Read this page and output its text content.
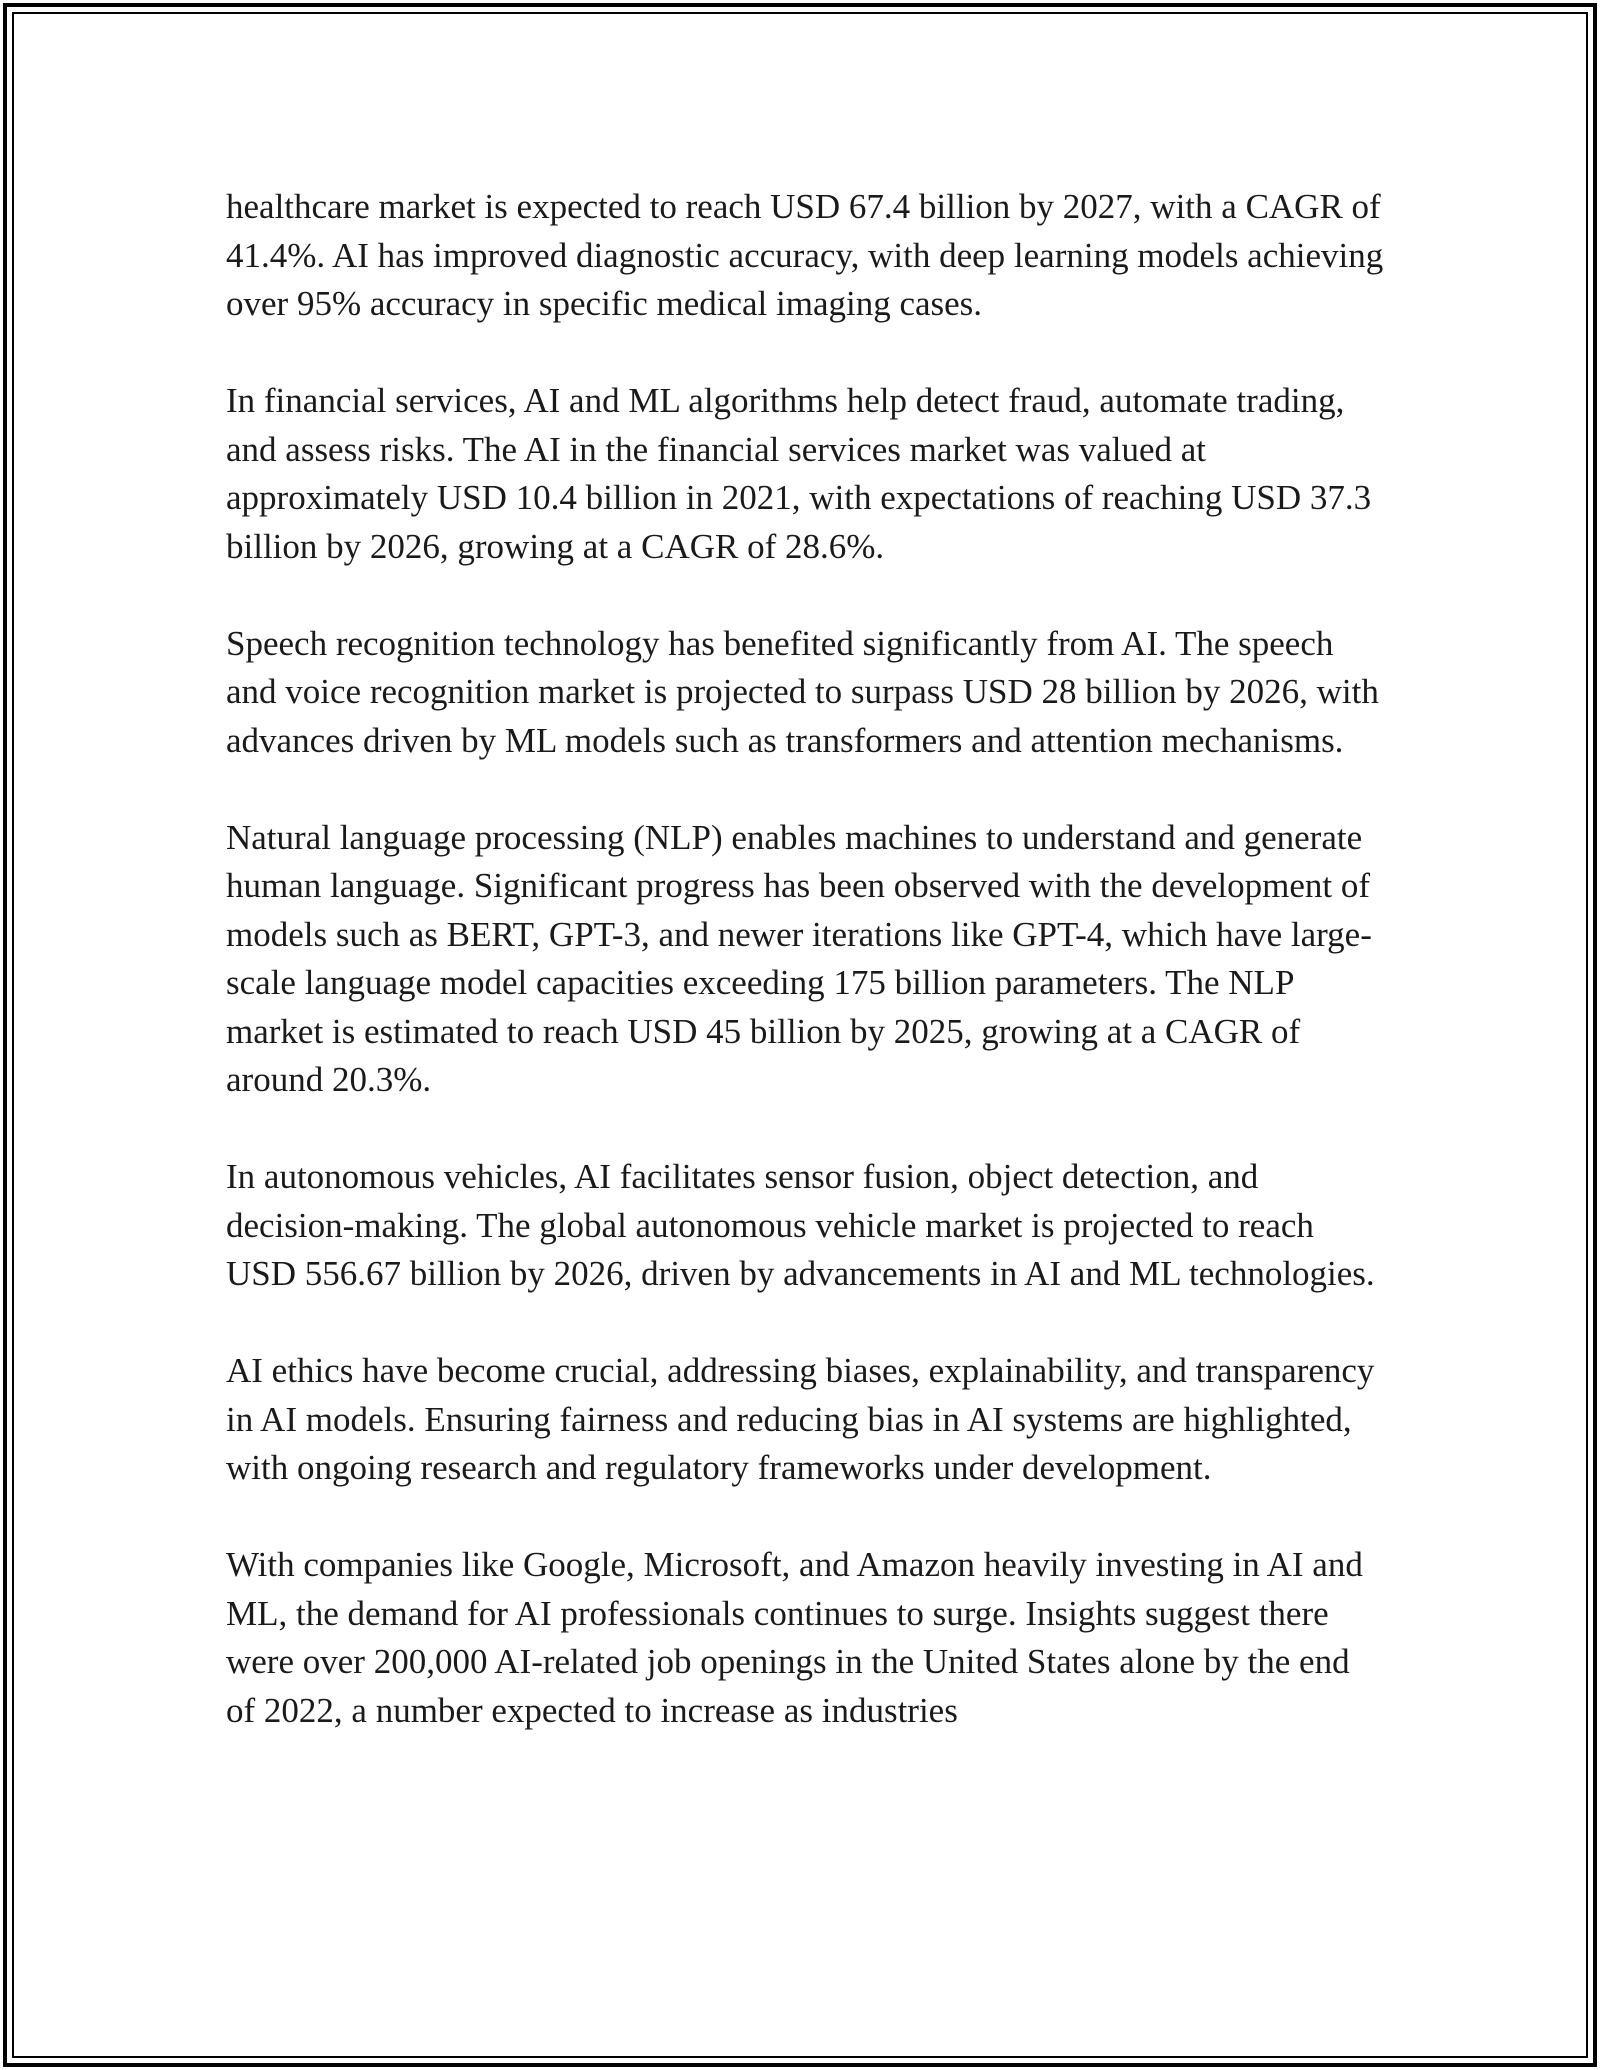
healthcare market is expected to reach USD 67.4 billion by 2027, with a CAGR of 41.4%. AI has improved diagnostic accuracy, with deep learning models achieving over 95% accuracy in specific medical imaging cases.

In financial services, AI and ML algorithms help detect fraud, automate trading, and assess risks. The AI in the financial services market was valued at approximately USD 10.4 billion in 2021, with expectations of reaching USD 37.3 billion by 2026, growing at a CAGR of 28.6%.

Speech recognition technology has benefited significantly from AI. The speech and voice recognition market is projected to surpass USD 28 billion by 2026, with advances driven by ML models such as transformers and attention mechanisms.

Natural language processing (NLP) enables machines to understand and generate human language. Significant progress has been observed with the development of models such as BERT, GPT-3, and newer iterations like GPT-4, which have large-scale language model capacities exceeding 175 billion parameters. The NLP market is estimated to reach USD 45 billion by 2025, growing at a CAGR of around 20.3%.

In autonomous vehicles, AI facilitates sensor fusion, object detection, and decision-making. The global autonomous vehicle market is projected to reach USD 556.67 billion by 2026, driven by advancements in AI and ML technologies.

AI ethics have become crucial, addressing biases, explainability, and transparency in AI models. Ensuring fairness and reducing bias in AI systems are highlighted, with ongoing research and regulatory frameworks under development.

With companies like Google, Microsoft, and Amazon heavily investing in AI and ML, the demand for AI professionals continues to surge. Insights suggest there were over 200,000 AI-related job openings in the United States alone by the end of 2022, a number expected to increase as industries
